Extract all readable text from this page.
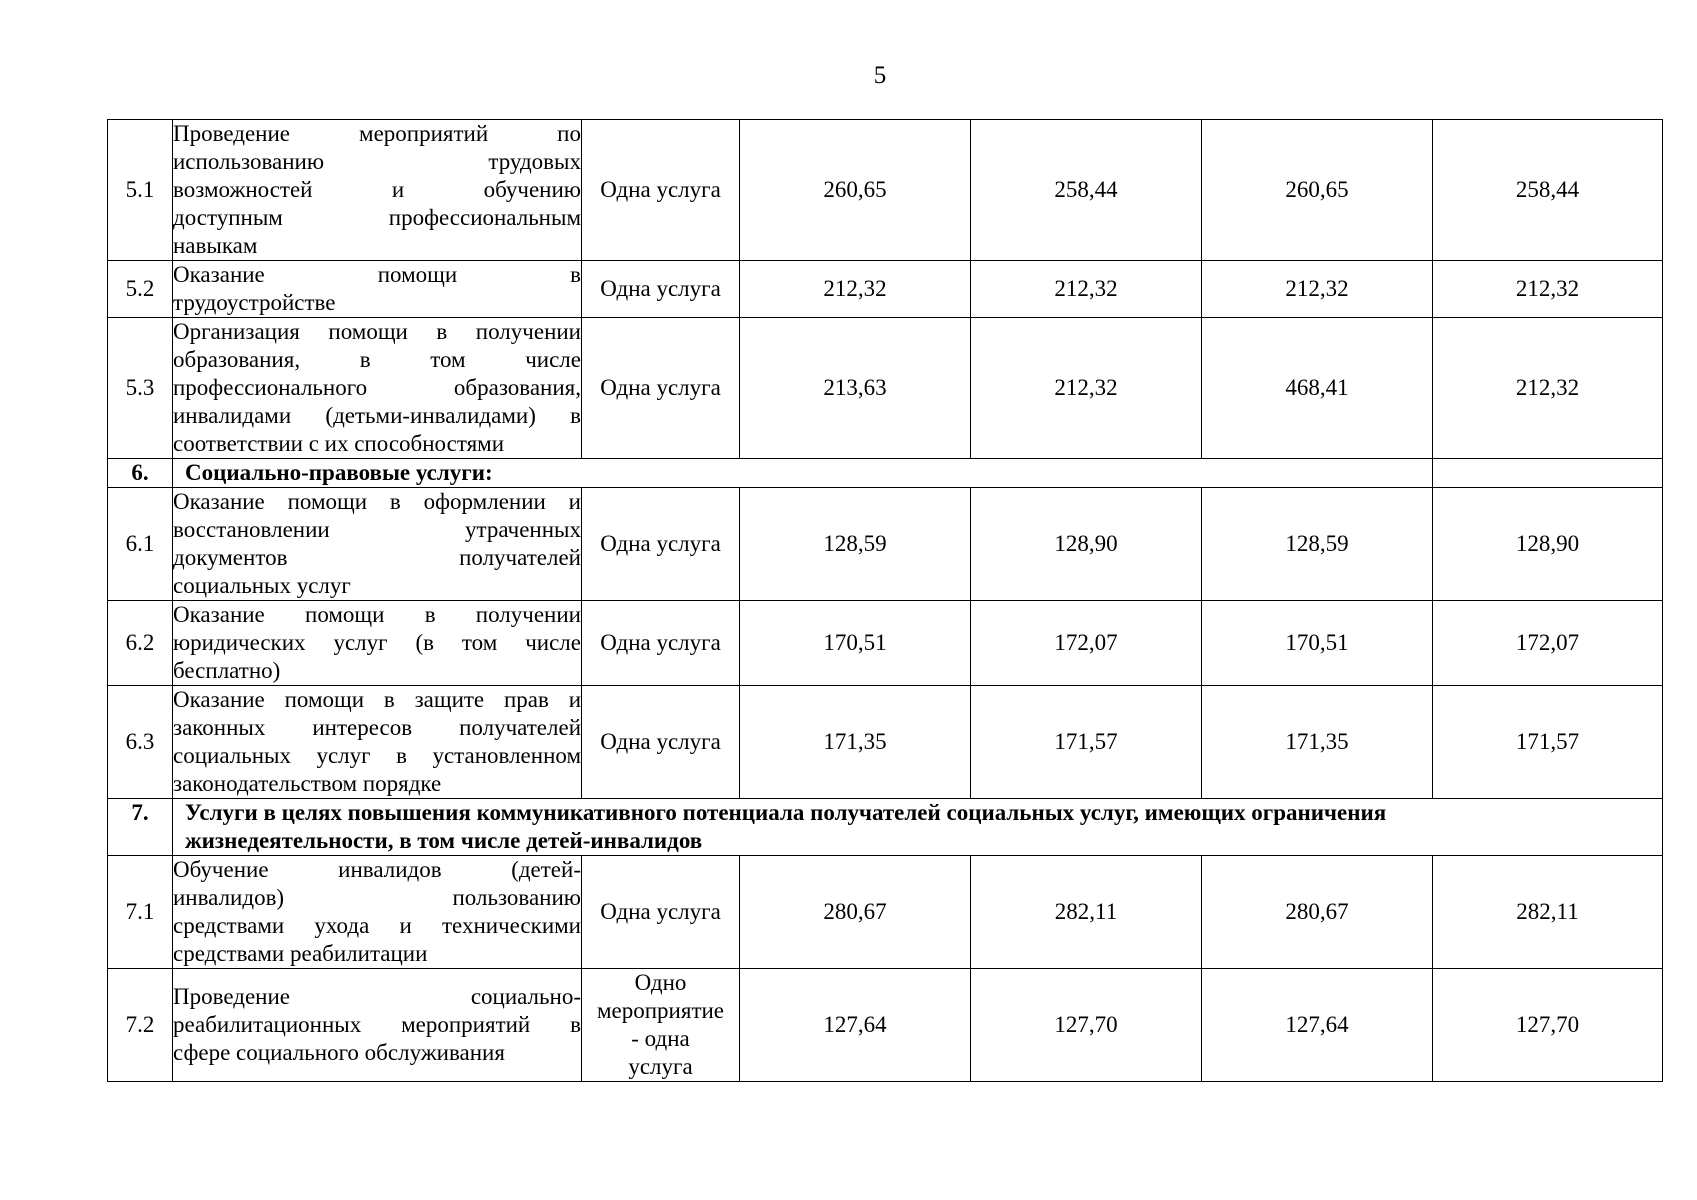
5
5.1	Проведение мероприятий по
использованию трудовых
возможностей и обучению
доступным профессиональным
навыкам	Одна услуга	260,65	258,44	260,65	258,44
5.2	Оказание помощи в
трудоустройстве	Одна услуга	212,32	212,32	212,32	212,32
5.3	Организация помощи в получении
образования, в том числе
профессионального образования,
инвалидами (детьми-инвалидами) в
соответствии с их способностями	Одна услуга	213,63	212,32	468,41	212,32
6.	Социально-правовые услуги:					
6.1	Оказание помощи в оформлении и
восстановлении утраченных
документов получателей
социальных услуг	Одна услуга	128,59	128,90	128,59	128,90
6.2	Оказание помощи в получении
юридических услуг (в том числе
бесплатно)	Одна услуга	170,51	172,07	170,51	172,07
6.3	Оказание помощи в защите прав и
законных интересов получателей
социальных услуг в установленном
законодательством порядке	Одна услуга	171,35	171,57	171,35	171,57
7.	Услуги в целях повышения коммуникативного потенциала получателей социальных услуг, имеющих ограничения
жизнедеятельности, в том числе детей-инвалидов					

7.1	Обучение инвалидов (детей-
инвалидов) пользованию
средствами ухода и техническими
средствами реабилитации	Одна услуга	280,67	282,11	280,67	282,11
7.2	Проведение социально-
реабилитационных мероприятий в
сфере социального обслуживания	Одно
мероприятие
- одна
услуга	127,64	127,70	127,64	127,70
